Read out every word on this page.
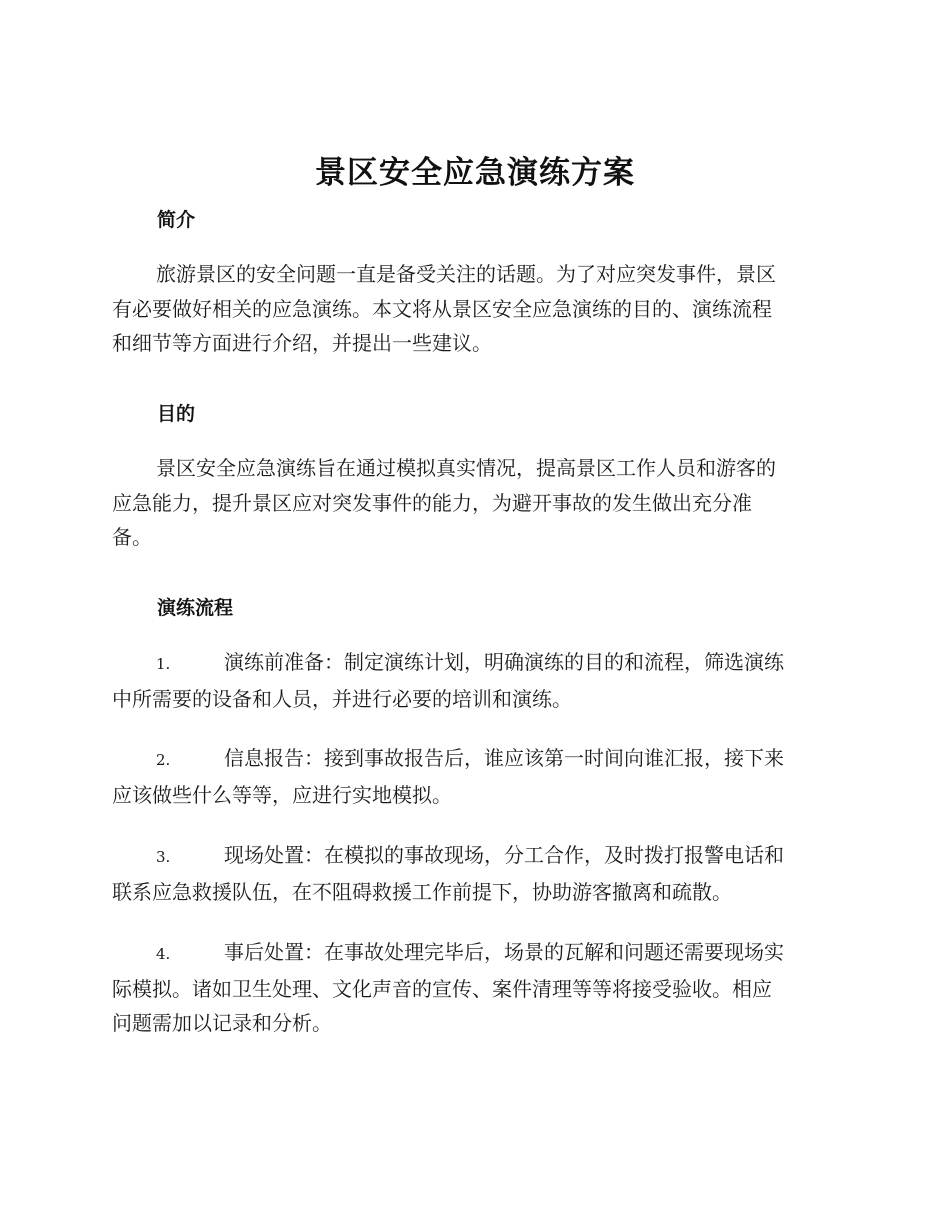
景区安全应急演练方案
简介
旅游景区的安全问题一直是备受关注的话题。为了对应突发事件，景区
有必要做好相关的应急演练。本文将从景区安全应急演练的目的、演练流程
和细节等方面进行介绍，并提出一些建议。
目的
景区安全应急演练旨在通过模拟真实情况，提高景区工作人员和游客的
应急能力，提升景区应对突发事件的能力，为避开事故的发生做出充分准
备。
演练流程
1.	演练前准备：制定演练计划，明确演练的目的和流程，筛选演练
中所需要的设备和人员，并进行必要的培训和演练。
2.	信息报告：接到事故报告后，谁应该第一时间向谁汇报，接下来
应该做些什么等等，应进行实地模拟。
3.	现场处置：在模拟的事故现场，分工合作，及时拨打报警电话和
联系应急救援队伍，在不阻碍救援工作前提下，协助游客撤离和疏散。
4.	事后处置：在事故处理完毕后，场景的瓦解和问题还需要现场实
际模拟。诸如卫生处理、文化声音的宣传、案件清理等等将接受验收。相应
问题需加以记录和分析。
